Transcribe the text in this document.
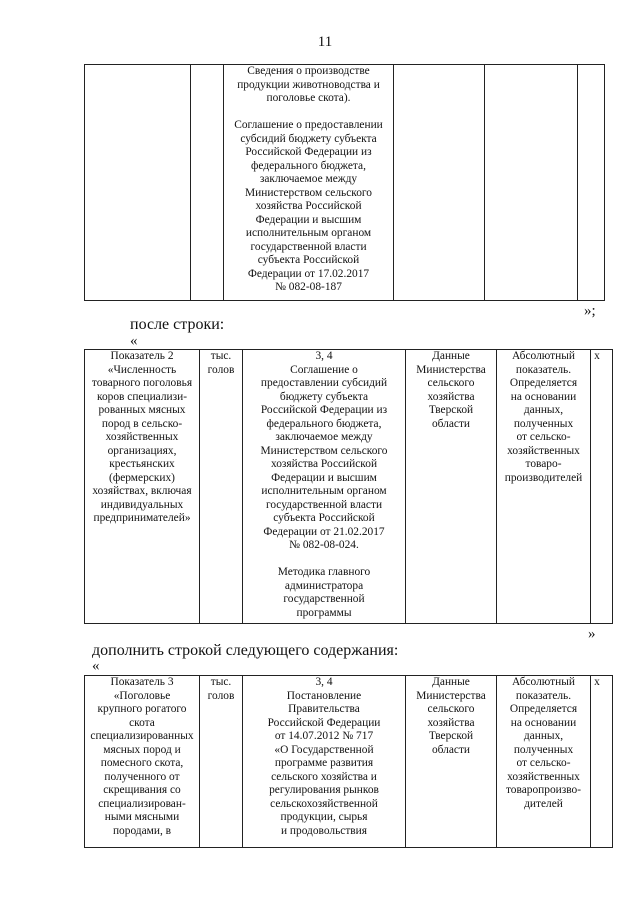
11
		Сведения о производстве
продукции животноводства и
поголовье скота).

Соглашение о предоставлении
субсидий бюджету субъекта
Российской Федерации из
федерального бюджета,
заключаемое между
Министерством сельского
хозяйства Российской
Федерации и высшим
исполнительным органом
государственной власти
субъекта Российской
Федерации от 17.02.2017
№ 082-08-187			
»;
после строки:
«
Показатель 2
«Численность
товарного поголовья
коров специализи-
рованных мясных
пород в сельско-
хозяйственных
организациях,
крестьянских
(фермерских)
хозяйствах, включая
индивидуальных
предпринимателей»	тыс.
голов	3, 4
Соглашение о
предоставлении субсидий
бюджету субъекта
Российской Федерации из
федерального бюджета,
заключаемое между
Министерством сельского
хозяйства Российской
Федерации и высшим
исполнительным органом
государственной власти
субъекта Российской
Федерации от 21.02.2017
№ 082-08-024.

Методика главного
администратора
государственной
программы	Данные
Министерства
сельского
хозяйства
Тверской
области	Абсолютный
показатель.
Определяется
на основании
данных,
полученных
от сельско-
хозяйственных
товаро-
производителей	x	
»
дополнить строкой следующего содержания:
«
Показатель 3
«Поголовье
крупного рогатого
скота
специализированных
мясных пород и
помесного скота,
полученного от
скрещивания со
специализирован-
ными мясными
породами, в	тыс.
голов	3, 4
Постановление
Правительства
Российской Федерации
от 14.07.2012 № 717
«О Государственной
программе развития
сельского хозяйства и
регулирования рынков
сельскохозяйственной
продукции, сырья
и продовольствия	Данные
Министерства
сельского
хозяйства
Тверской
области	Абсолютный
показатель.
Определяется
на основании
данных,
полученных
от сельско-
хозяйственных
товаропроизво-
дителей	x	
